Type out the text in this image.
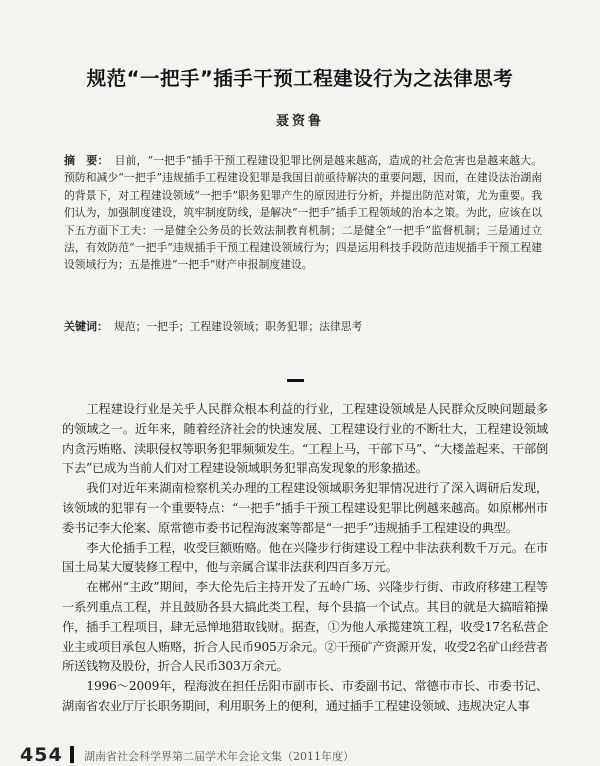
规范“一把手”插手干预工程建设行为之法律思考
聂资鲁
摘　要： 目前，“一把手”插手干预工程建设犯罪比例是越来越高，造成的社会危害也是越来越大。预防和减少“一把手”违规插手工程建设犯罪是我国目前亟待解决的重要问题，因而，在建设法治湖南的背景下，对工程建设领域“一把手”职务犯罪产生的原因进行分析，并提出防范对策，尤为重要。我们认为，加强制度建设，筑牢制度防线，是解决“一把手”插手工程领域的治本之策。为此，应该在以下五方面下工夫：一是健全公务员的长效法制教育机制；二是健全“一把手”监督机制；三是通过立法，有效防范“一把手”违规插手干预工程建设领域行为；四是运用科技手段防范违规插手干预工程建设领域行为；五是推进“一把手”财产申报制度建设。
关键词： 规范；一把手；工程建设领域；职务犯罪；法律思考

工程建设行业是关乎人民群众根本利益的行业，工程建设领域是人民群众反映问题最多的领域之一。近年来，随着经济社会的快速发展、工程建设行业的不断壮大，工程建设领域内贪污贿赂、渎职侵权等职务犯罪频频发生。“工程上马，干部下马”、“大楼盖起来、干部倒下去”已成为当前人们对工程建设领域职务犯罪高发现象的形象描述。

我们对近年来湖南检察机关办理的工程建设领域职务犯罪情况进行了深入调研后发现，该领域的犯罪有一个重要特点：“一把手”插手干预工程建设犯罪比例越来越高。如原郴州市委书记李大伦案、原常德市委书记程海波案等都是“一把手”违规插手工程建设的典型。

李大伦插手工程，收受巨额贿赂。他在兴隆步行街建设工程中非法获利数千万元。在市国土局某大厦装修工程中，他与亲属合谋非法获利四百多万元。

在郴州“主政”期间，李大伦先后主持开发了五岭广场、兴隆步行街、市政府移建工程等一系列重点工程，并且鼓励各县大搞此类工程，每个县搞一个试点。其目的就是大搞暗箱操作，插手工程项目，肆无忌惮地猎取钱财。据查，①为他人承揽建筑工程，收受17名私营企业主或项目承包人贿赂，折合人民币905万余元。②干预矿产资源开发，收受2名矿山经营者所送钱物及股份，折合人民币303万余元。

1996～2009年，程海波在担任岳阳市副市长、市委副书记、常德市市长、市委书记、湖南省农业厅厅长职务期间，利用职务上的便利，通过插手工程建设领域、违规决定人事

454 湖南省社会科学界第二届学术年会论文集（2011年度）
